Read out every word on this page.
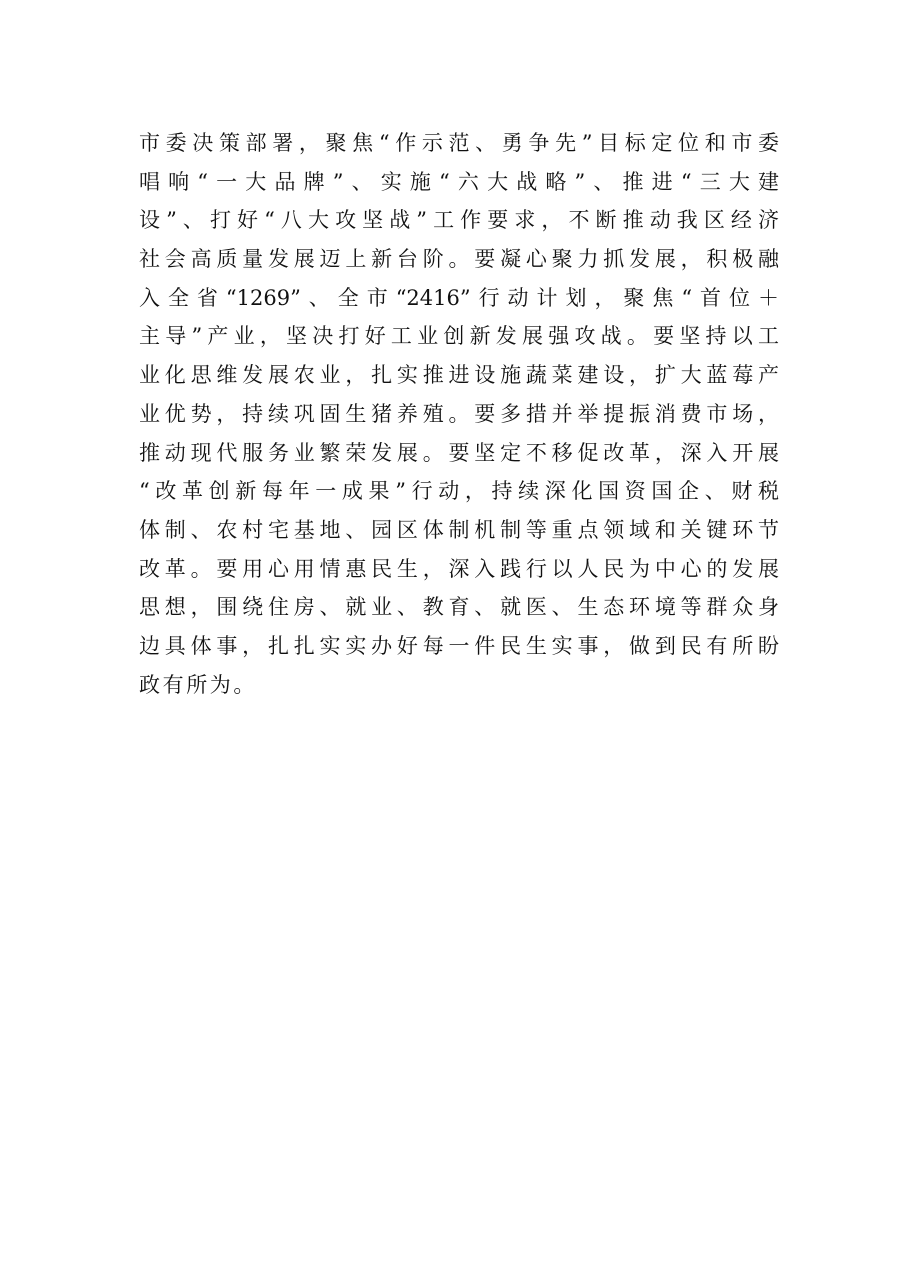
市委决策部署，聚焦“作示范、勇争先”目标定位和市委
唱响“一大品牌”、实施“六大战略”、推进“三大建
设”、打好“八大攻坚战”工作要求，不断推动我区经济
社会高质量发展迈上新台阶。要凝心聚力抓发展，积极融
入全省“1269”、全市“2416”行动计划，聚焦“首位＋
主导”产业，坚决打好工业创新发展强攻战。要坚持以工
业化思维发展农业，扎实推进设施蔬菜建设，扩大蓝莓产
业优势，持续巩固生猪养殖。要多措并举提振消费市场，
推动现代服务业繁荣发展。要坚定不移促改革，深入开展
“改革创新每年一成果”行动，持续深化国资国企、财税
体制、农村宅基地、园区体制机制等重点领域和关键环节
改革。要用心用情惠民生，深入践行以人民为中心的发展
思想，围绕住房、就业、教育、就医、生态环境等群众身
边具体事，扎扎实实办好每一件民生实事，做到民有所盼
政有所为。
